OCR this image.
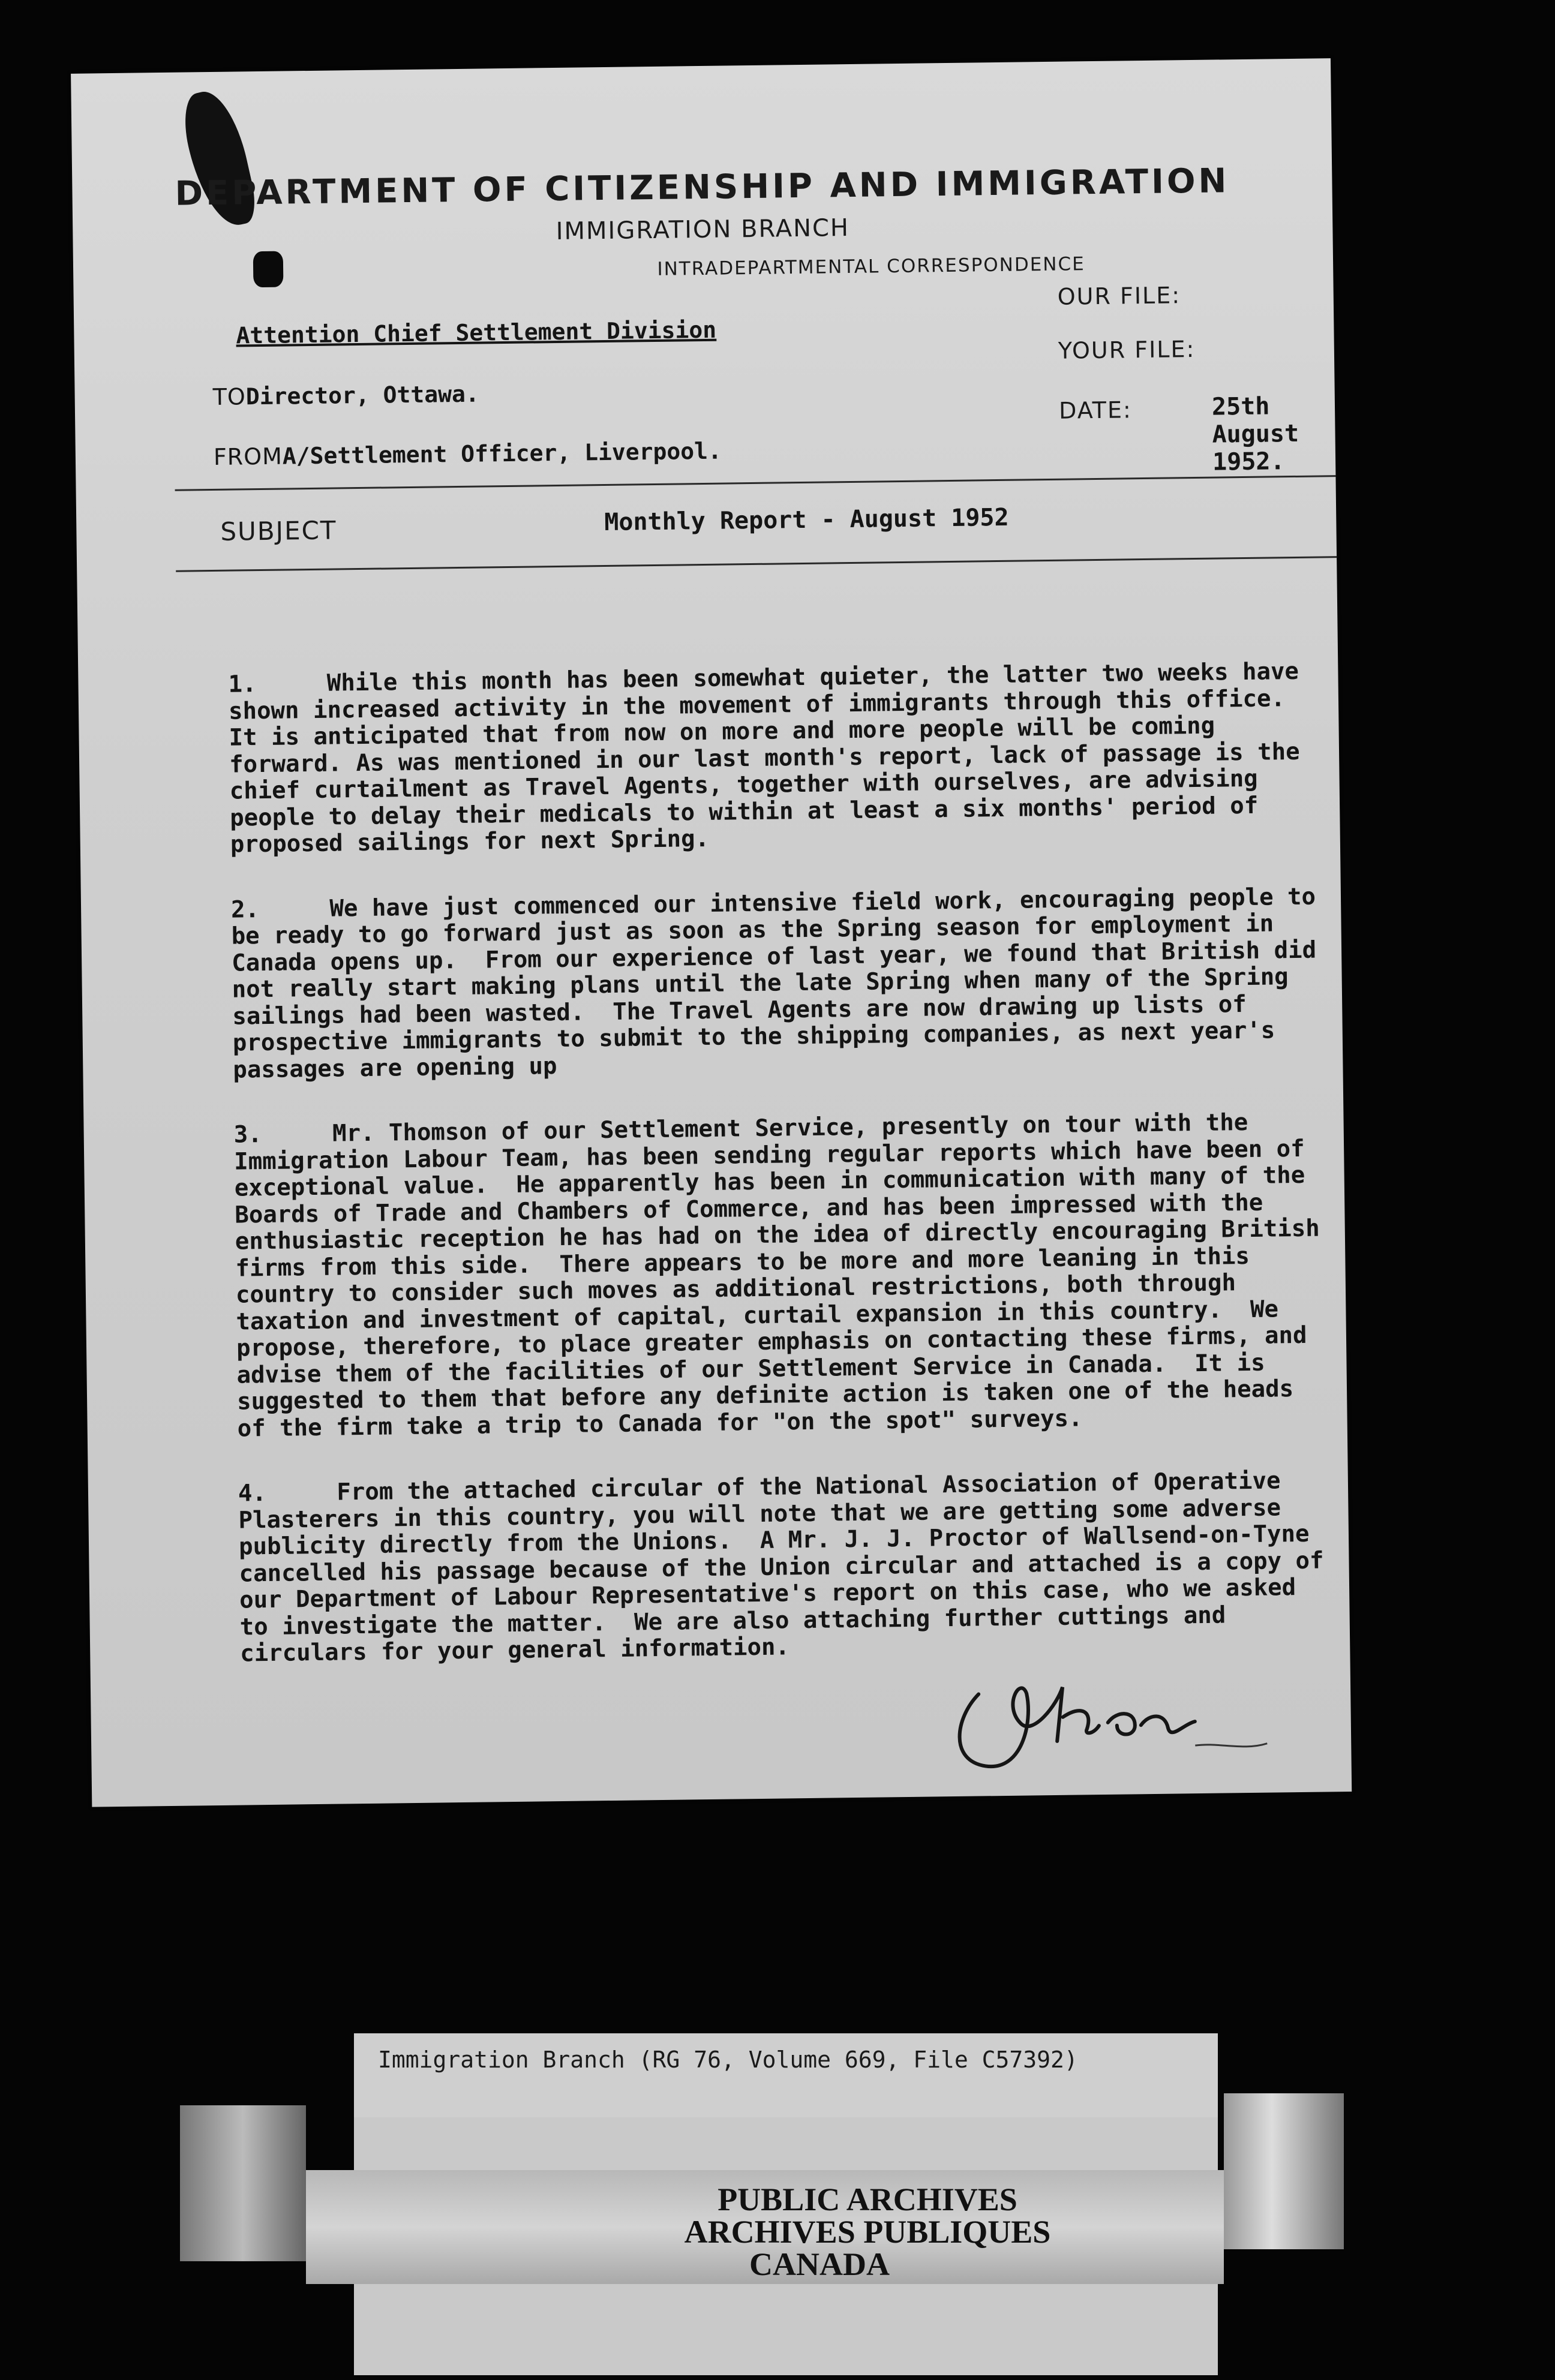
DEPARTMENT OF CITIZENSHIP AND IMMIGRATION
IMMIGRATION BRANCH
INTRADEPARTMENTAL CORRESPONDENCE
Attention Chief Settlement Division
TODirector, Ottawa.
FROMA/Settlement Officer, Liverpool.
OUR FILE:
YOUR FILE:
DATE:	25th August 1952.
SUBJECT	Monthly Report - August 1952

1.     While this month has been somewhat quieter, the latter two weeks have shown increased activity in the movement of immigrants through this office.  It is anticipated that from now on more and more people will be coming forward. As was mentioned in our last month's report, lack of passage is the chief curtailment as Travel Agents, together with ourselves, are advising people to delay their medicals to within at least a six months' period of proposed sailings for next Spring.

2.     We have just commenced our intensive field work, encouraging people to be ready to go forward just as soon as the Spring season for employment in Canada opens up.  From our experience of last year, we found that British did not really start making plans until the late Spring when many of the Spring sailings had been wasted.  The Travel Agents are now drawing up lists of prospective immigrants to submit to the shipping companies, as next year's passages are opening up

3.     Mr. Thomson of our Settlement Service, presently on tour with the Immigration Labour Team, has been sending regular reports which have been of exceptional value.  He apparently has been in communication with many of the Boards of Trade and Chambers of Commerce, and has been impressed with the enthusiastic reception he has had on the idea of directly encouraging British firms from this side.  There appears to be more and more leaning in this country to consider such moves as additional restrictions, both through taxation and investment of capital, curtail expansion in this country.  We propose, therefore, to place greater emphasis on contacting these firms, and advise them of the facilities of our Settlement Service in Canada.  It is suggested to them that before any definite action is taken one of the heads of the firm take a trip to Canada for "on the spot" surveys.

4.     From the attached circular of the National Association of Operative Plasterers in this country, you will note that we are getting some adverse publicity directly from the Unions.  A Mr. J. J. Proctor of Wallsend-on-Tyne cancelled his passage because of the Union circular and attached is a copy of our Department of Labour Representative's report on this case, who we asked to investigate the matter.  We are also attaching further cuttings and circulars for your general information.

Immigration Branch (RG 76, Volume 669, File C57392)
PUBLIC ARCHIVES
ARCHIVES PUBLIQUES
CANADA
